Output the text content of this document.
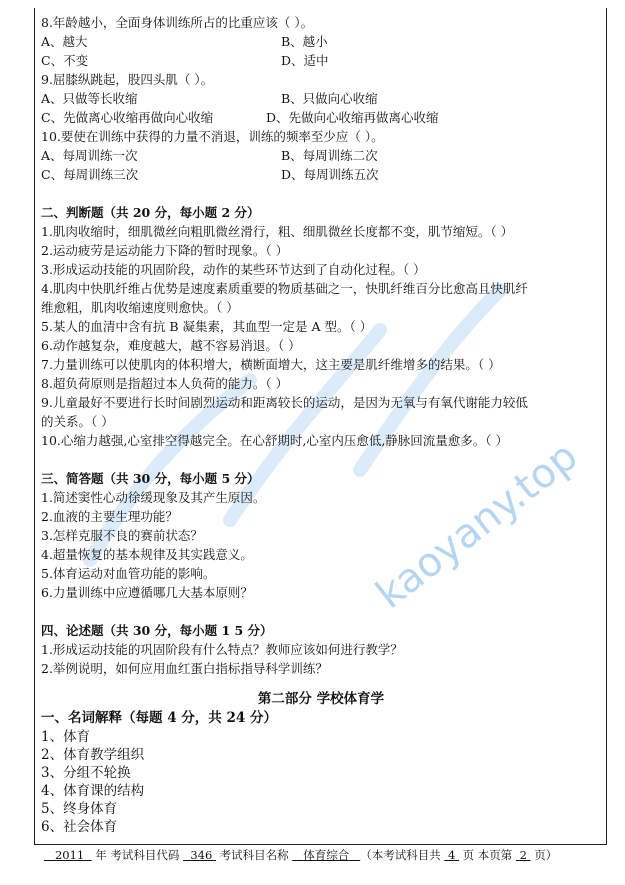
kaoyany.top
8.年龄越小，全面身体训练所占的比重应该（ ）。
A、越大	B、越小
C、不变	D、适中
9.屈膝纵跳起，股四头肌（ ）。
A、只做等长收缩	B、只做向心收缩
C、先做离心收缩再做向心收缩	D、先做向心收缩再做离心收缩
10.要使在训练中获得的力量不消退，训练的频率至少应（ ）。
A、每周训练一次	B、每周训练二次
C、每周训练三次	D、每周训练五次
二、判断题（共 20 分，每小题 2 分）
1.肌肉收缩时，细肌微丝向粗肌微丝滑行，粗、细肌微丝长度都不变，肌节缩短。（ ）
2.运动疲劳是运动能力下降的暂时现象。（ ）
3.形成运动技能的巩固阶段，动作的某些环节达到了自动化过程。（ ）
4.肌肉中快肌纤维占优势是速度素质重要的物质基础之一，快肌纤维百分比愈高且快肌纤
维愈粗，肌肉收缩速度则愈快。（ ）
5.某人的血清中含有抗 B 凝集素，其血型一定是 A 型。（ ）
6.动作越复杂，难度越大，越不容易消退。（ ）
7.力量训练可以使肌肉的体积增大，横断面增大，这主要是肌纤维增多的结果。（ ）
8.超负荷原则是指超过本人负荷的能力。（ ）
9.儿童最好不要进行长时间剧烈运动和距离较长的运动，是因为无氧与有氧代谢能力较低
的关系。（ ）
10.心缩力越强,心室排空得越完全。在心舒期时,心室内压愈低,静脉回流量愈多。（ ）
三、简答题（共 30 分，每小题 5 分）
1.简述窦性心动徐缓现象及其产生原因。
2.血液的主要生理功能？
3.怎样克服不良的赛前状态？
4.超量恢复的基本规律及其实践意义。
5.体育运动对血管功能的影响。
6.力量训练中应遵循哪几大基本原则？
四、论述题（共 30 分，每小题 1 5 分）
1.形成运动技能的巩固阶段有什么特点？教师应该如何进行教学？
2.举例说明，如何应用血红蛋白指标指导科学训练？
第二部分 学校体育学
一、名词解释（每题 4 分，共 24 分）
1、体育
2、体育教学组织
3、分组不轮换
4、体育课的结构
5、终身体育
6、社会体育
2011   年 考试科目代码 346  考试科目名称 体育综合 （本考试科目共 4  页 本页第 2  页）
